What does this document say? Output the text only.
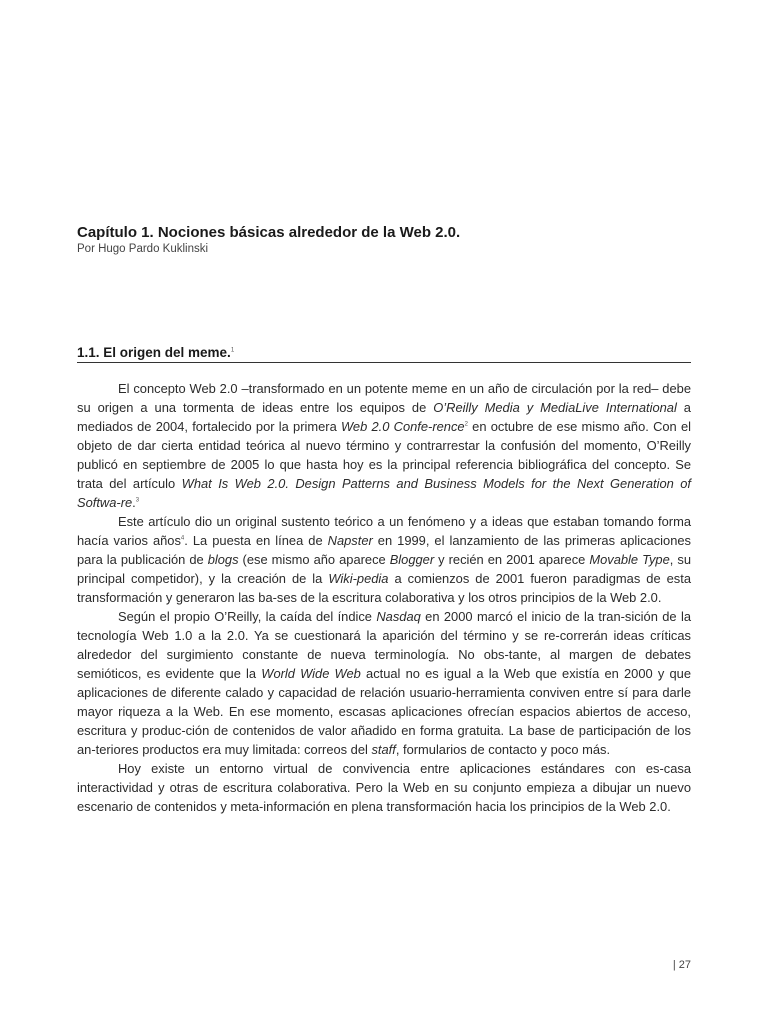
Capítulo 1. Nociones básicas alrededor de la Web 2.0.

Por Hugo Pardo Kuklinski

1.1. El origen del meme.$^1$

El concepto Web 2.0 –transformado en un potente meme en un año de circulación por la red– debe su origen a una tormenta de ideas entre los equipos de O’Reilly Media y MediaLive International a mediados de 2004, fortalecido por la primera Web 2.0 Confe-rence$^2$ en octubre de ese mismo año. Con el objeto de dar cierta entidad teórica al nuevo término y contrarrestar la confusión del momento, O’Reilly publicó en septiembre de 2005 lo que hasta hoy es la principal referencia bibliográfica del concepto. Se trata del artículo What Is Web 2.0. Design Patterns and Business Models for the Next Generation of Softwa-re.$^3$

Este artículo dio un original sustento teórico a un fenómeno y a ideas que estaban tomando forma hacía varios años$^4$. La puesta en línea de Napster en 1999, el lanzamiento de las primeras aplicaciones para la publicación de blogs (ese mismo año aparece Blogger y recién en 2001 aparece Movable Type, su principal competidor), y la creación de la Wiki-pedia a comienzos de 2001 fueron paradigmas de esta transformación y generaron las ba-ses de la escritura colaborativa y los otros principios de la Web 2.0.

Según el propio O’Reilly, la caída del índice Nasdaq en 2000 marcó el inicio de la tran-sición de la tecnología Web 1.0 a la 2.0. Ya se cuestionará la aparición del término y se re-correrán ideas críticas alrededor del surgimiento constante de nueva terminología. No obs-tante, al margen de debates semióticos, es evidente que la World Wide Web actual no es igual a la Web que existía en 2000 y que aplicaciones de diferente calado y capacidad de relación usuario-herramienta conviven entre sí para darle mayor riqueza a la Web. En ese momento, escasas aplicaciones ofrecían espacios abiertos de acceso, escritura y produc-ción de contenidos de valor añadido en forma gratuita. La base de participación de los an-teriores productos era muy limitada: correos del staff, formularios de contacto y poco más.

Hoy existe un entorno virtual de convivencia entre aplicaciones estándares con es-casa interactividad y otras de escritura colaborativa. Pero la Web en su conjunto empieza a dibujar un nuevo escenario de contenidos y meta-información en plena transformación hacia los principios de la Web 2.0.

| 27
